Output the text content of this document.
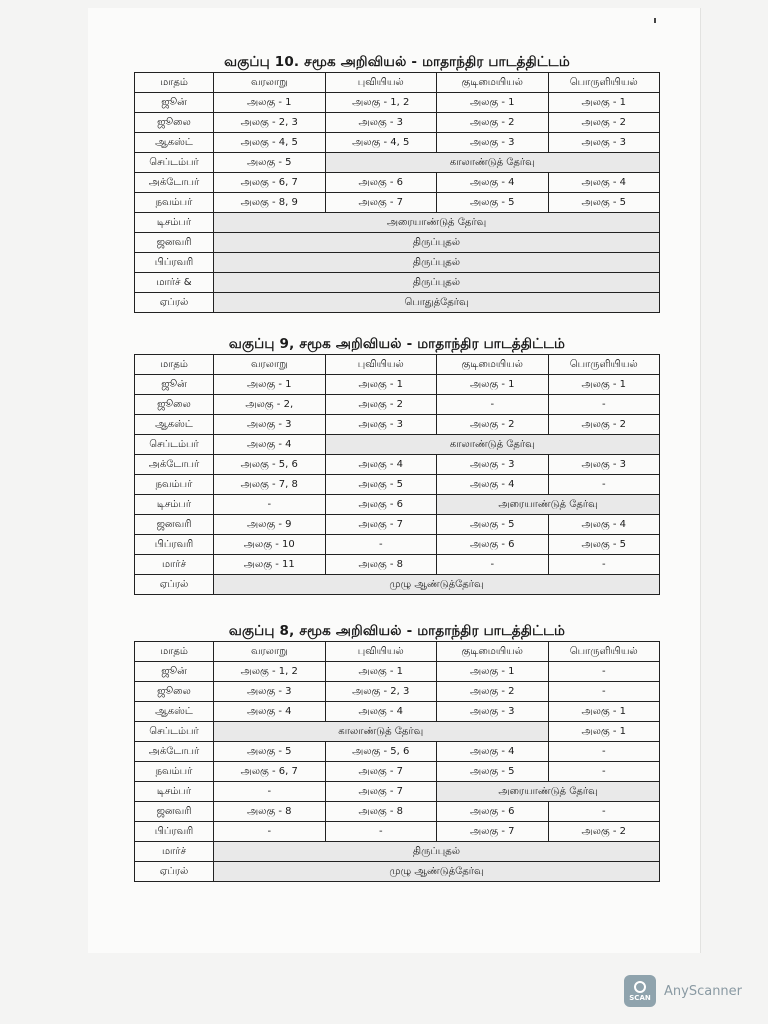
வகுப்பு 10. சமூக அறிவியல் - மாதாந்திர பாடத்திட்டம்
மாதம்	வரலாறு	புவியியல்	குடிமையியல்	பொருளியியல்
ஜூன்	அலகு - 1	அலகு - 1, 2	அலகு - 1	அலகு - 1
ஜூலை	அலகு - 2, 3	அலகு - 3	அலகு - 2	அலகு - 2
ஆகஸ்ட்	அலகு - 4, 5	அலகு - 4, 5	அலகு - 3	அலகு - 3
செப்டம்பர்	அலகு - 5	காலாண்டுத் தேர்வு		
அக்டோபர்	அலகு - 6, 7	அலகு - 6	அலகு - 4	அலகு - 4
நவம்பர்	அலகு - 8, 9	அலகு - 7	அலகு - 5	அலகு - 5
டிசம்பர்	அரையாண்டுத் தேர்வு			
ஜனவரி	திருப்புதல்			
பிப்ரவரி	திருப்புதல்			
மார்ச் &	திருப்புதல்			
ஏப்ரல்	பொதுத்தேர்வு			
வகுப்பு 9, சமூக அறிவியல் - மாதாந்திர பாடத்திட்டம்
மாதம்	வரலாறு	புவியியல்	குடிமையியல்	பொருளியியல்
ஜூன்	அலகு - 1	அலகு - 1	அலகு - 1	அலகு - 1
ஜூலை	அலகு - 2,	அலகு - 2	-	-
ஆகஸ்ட்	அலகு - 3	அலகு - 3	அலகு - 2	அலகு - 2
செப்டம்பர்	அலகு - 4	காலாண்டுத் தேர்வு		
அக்டோபர்	அலகு - 5, 6	அலகு - 4	அலகு - 3	அலகு - 3
நவம்பர்	அலகு - 7, 8	அலகு - 5	அலகு - 4	-
டிசம்பர்	-	அலகு - 6	அரையாண்டுத் தேர்வு	
ஜனவரி	அலகு - 9	அலகு - 7	அலகு - 5	அலகு - 4
பிப்ரவரி	அலகு - 10	-	அலகு - 6	அலகு - 5
மார்ச்	அலகு - 11	அலகு - 8	-	-
ஏப்ரல்	முழு ஆண்டுத்தேர்வு			
வகுப்பு 8, சமூக அறிவியல் - மாதாந்திர பாடத்திட்டம்
மாதம்	வரலாறு	புவியியல்	குடிமையியல்	பொருளியியல்
ஜூன்	அலகு - 1, 2	அலகு - 1	அலகு - 1	-
ஜூலை	அலகு - 3	அலகு - 2, 3	அலகு - 2	-
ஆகஸ்ட்	அலகு - 4	அலகு - 4	அலகு - 3	அலகு - 1
செப்டம்பர்	காலாண்டுத் தேர்வு			அலகு - 1
அக்டோபர்	அலகு - 5	அலகு - 5, 6	அலகு - 4	-
நவம்பர்	அலகு - 6, 7	அலகு - 7	அலகு - 5	-
டிசம்பர்	-	அலகு - 7	அரையாண்டுத் தேர்வு	
ஜனவரி	அலகு - 8	அலகு - 8	அலகு - 6	-
பிப்ரவரி	-	-	அலகு - 7	அலகு - 2
மார்ச்	திருப்புதல்			
ஏப்ரல்	முழு ஆண்டுத்தேர்வு			
SCAN AnyScanner
